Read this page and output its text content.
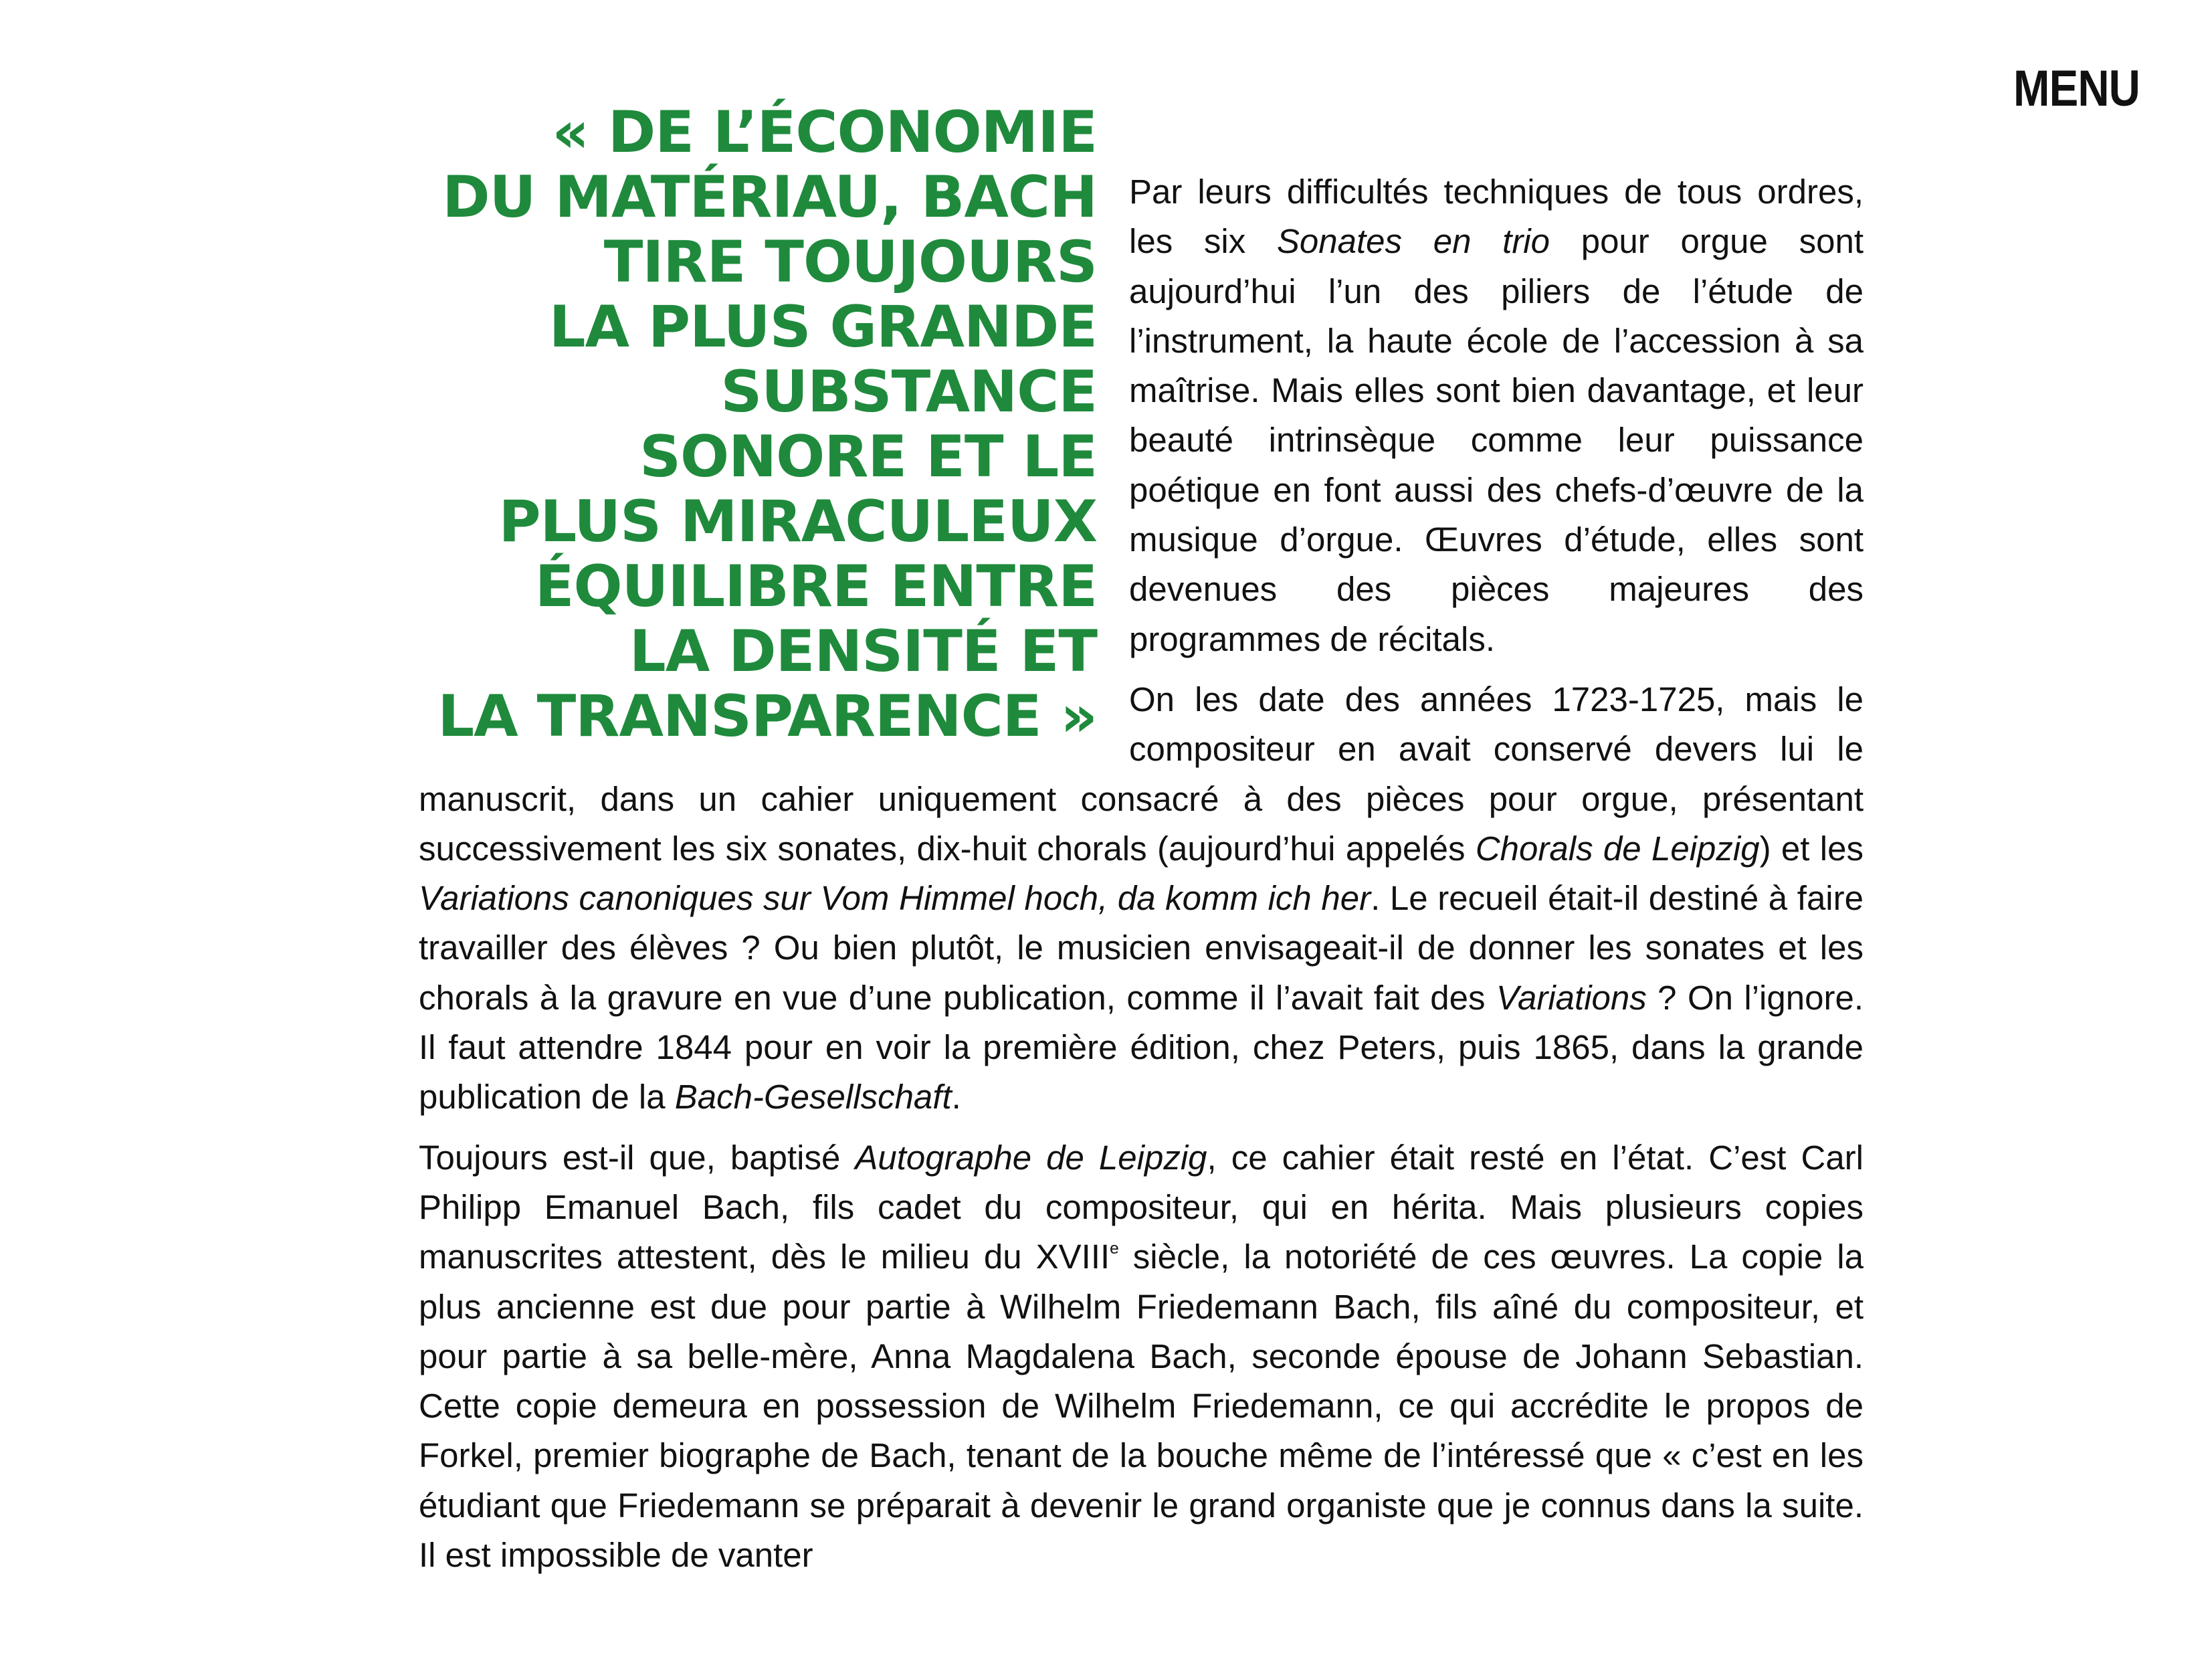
MENU
« DE L’ÉCONOMIE
DU MATÉRIAU, BACH
TIRE TOUJOURS
LA PLUS GRANDE
SUBSTANCE
SONORE ET LE
PLUS MIRACULEUX
ÉQUILIBRE ENTRE
LA DENSITÉ ET
LA TRANSPARENCE »

Par leurs difficultés techniques de tous ordres, les six Sonates en trio pour orgue sont aujourd’hui l’un des piliers de l’étude de l’instrument, la haute école de l’accession à sa maîtrise. Mais elles sont bien davantage, et leur beauté intrinsèque comme leur puissance poétique en font aussi des chefs-d’œuvre de la musique d’orgue. Œuvres d’étude, elles sont devenues des pièces majeures des programmes de récitals.

On les date des années 1723-1725, mais le compositeur en avait conservé devers lui le manuscrit, dans un cahier uniquement consacré à des pièces pour orgue, présentant successivement les six sonates, dix-huit chorals (aujourd’hui appelés Chorals de Leipzig) et les Variations canoniques sur Vom Himmel hoch, da komm ich her. Le recueil était-il destiné à faire travailler des élèves ? Ou bien plutôt, le musicien envisageait-il de donner les sonates et les chorals à la gravure en vue d’une publication, comme il l’avait fait des Variations ? On l’ignore. Il faut attendre 1844 pour en voir la première édition, chez Peters, puis 1865, dans la grande publication de la Bach-Gesellschaft.

Toujours est-il que, baptisé Autographe de Leipzig, ce cahier était resté en l’état. C’est Carl Philipp Emanuel Bach, fils cadet du compositeur, qui en hérita. Mais plusieurs copies manuscrites attestent, dès le milieu du XVIIIe siècle, la notoriété de ces œuvres. La copie la plus ancienne est due pour partie à Wilhelm Friedemann Bach, fils aîné du compositeur, et pour partie à sa belle-mère, Anna Magdalena Bach, seconde épouse de Johann Sebastian. Cette copie demeura en possession de Wilhelm Friedemann, ce qui accrédite le propos de Forkel, premier biographe de Bach, tenant de la bouche même de l’intéressé que « c’est en les étudiant que Friedemann se préparait à devenir le grand organiste que je connus dans la suite. Il est impossible de vanter
